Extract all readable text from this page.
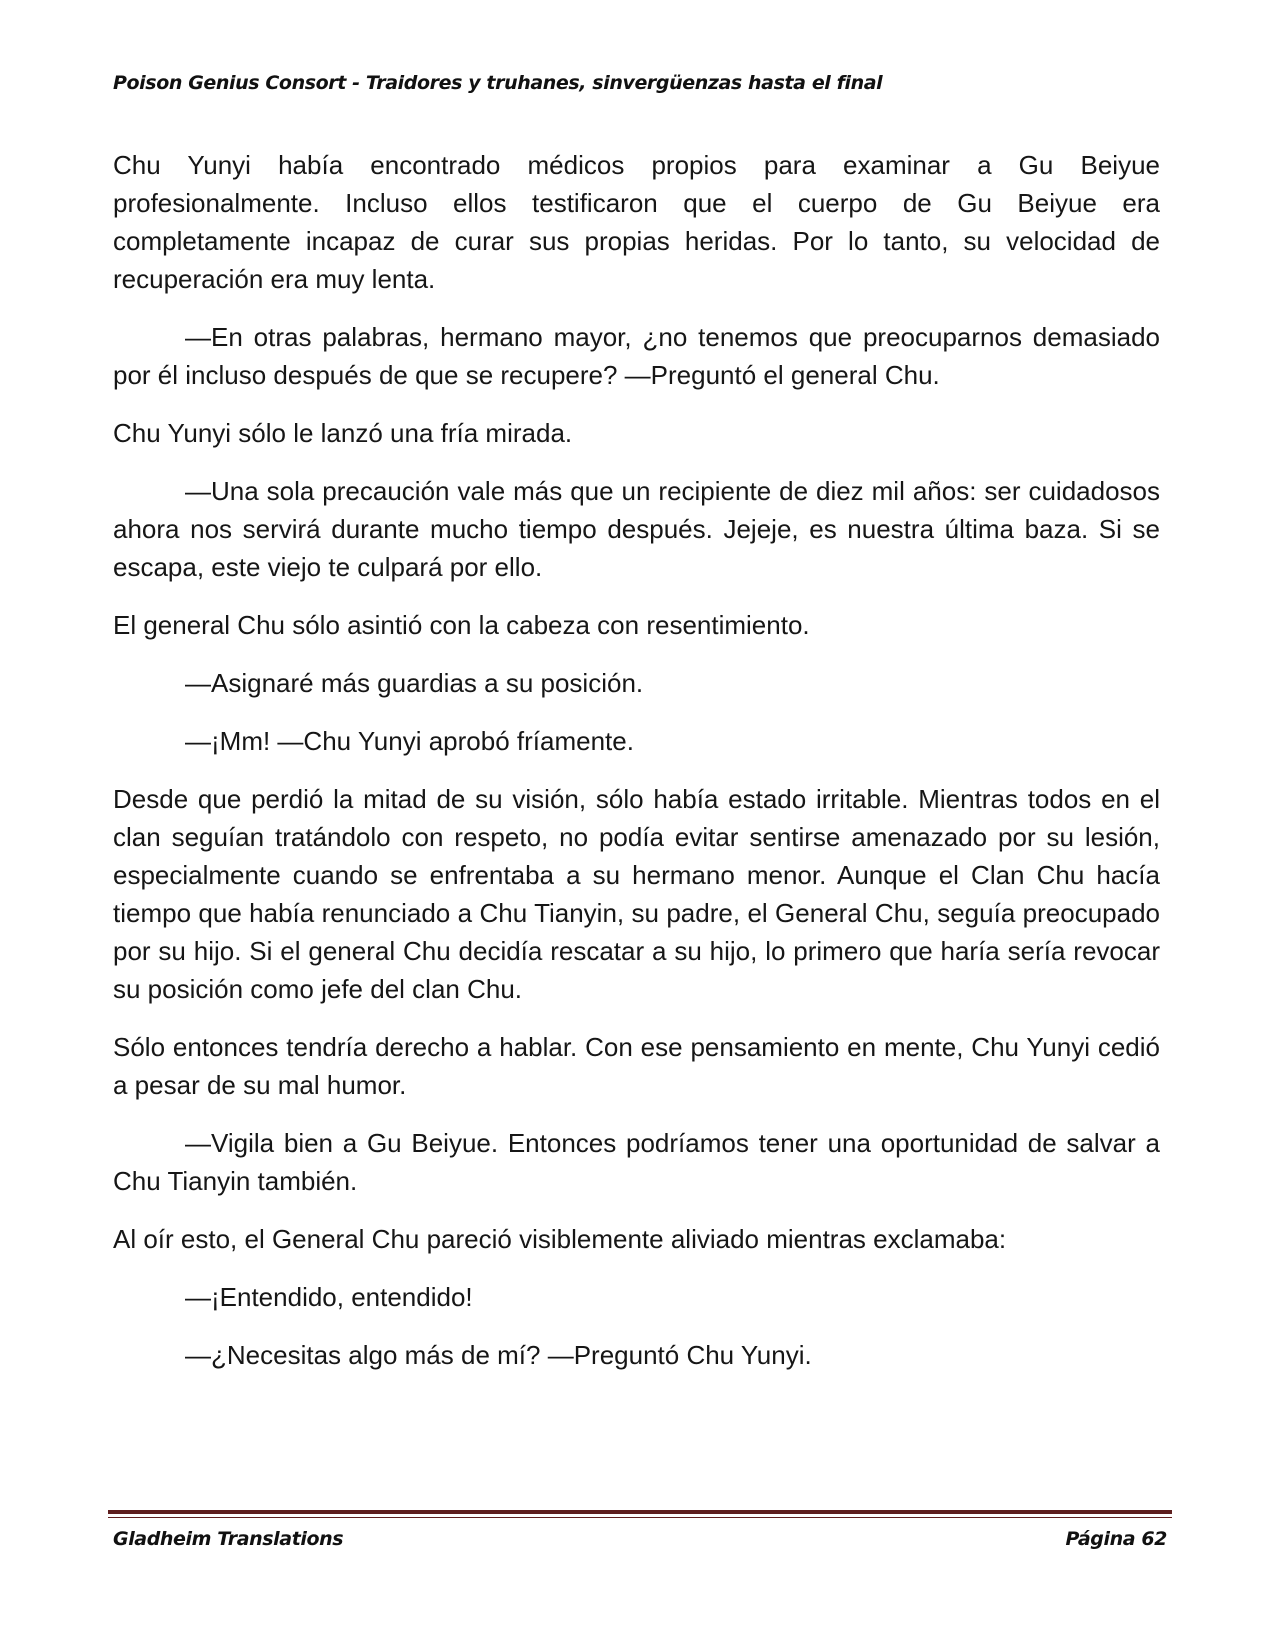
Poison Genius Consort - Traidores y truhanes, sinvergüenzas hasta el final

Chu Yunyi había encontrado médicos propios para examinar a Gu Beiyue profesionalmente. Incluso ellos testificaron que el cuerpo de Gu Beiyue era completamente incapaz de curar sus propias heridas. Por lo tanto, su velocidad de recuperación era muy lenta.

—En otras palabras, hermano mayor, ¿no tenemos que preocuparnos demasiado por él incluso después de que se recupere? —Preguntó el general Chu.

Chu Yunyi sólo le lanzó una fría mirada.

—Una sola precaución vale más que un recipiente de diez mil años: ser cuidadosos ahora nos servirá durante mucho tiempo después. Jejeje, es nuestra última baza. Si se escapa, este viejo te culpará por ello.

El general Chu sólo asintió con la cabeza con resentimiento.

—Asignaré más guardias a su posición.

—¡Mm! —Chu Yunyi aprobó fríamente.

Desde que perdió la mitad de su visión, sólo había estado irritable. Mientras todos en el clan seguían tratándolo con respeto, no podía evitar sentirse amenazado por su lesión, especialmente cuando se enfrentaba a su hermano menor. Aunque el Clan Chu hacía tiempo que había renunciado a Chu Tianyin, su padre, el General Chu, seguía preocupado por su hijo. Si el general Chu decidía rescatar a su hijo, lo primero que haría sería revocar su posición como jefe del clan Chu.

Sólo entonces tendría derecho a hablar. Con ese pensamiento en mente, Chu Yunyi cedió a pesar de su mal humor.

—Vigila bien a Gu Beiyue. Entonces podríamos tener una oportunidad de salvar a Chu Tianyin también.

Al oír esto, el General Chu pareció visiblemente aliviado mientras exclamaba:

—¡Entendido, entendido!

—¿Necesitas algo más de mí? —Preguntó Chu Yunyi.

Gladheim Translations	Página 62
